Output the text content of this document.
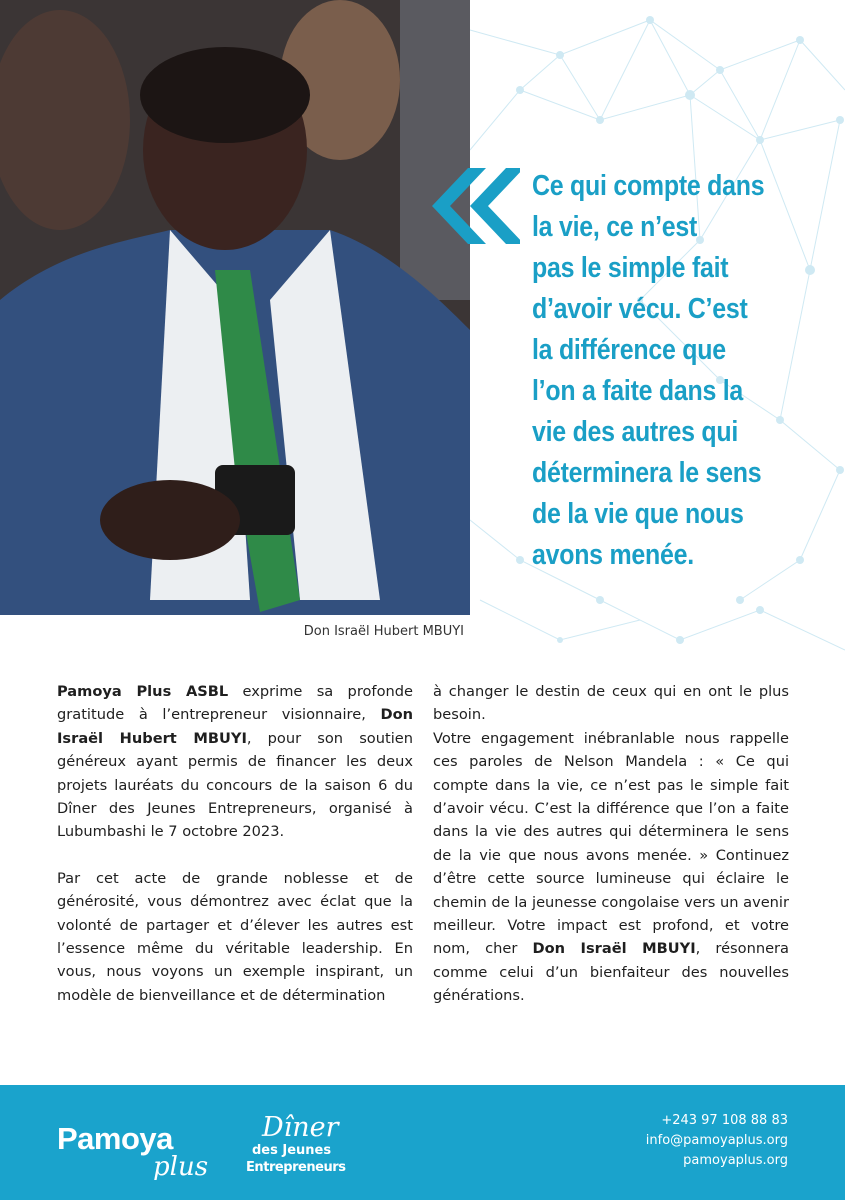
Don Israël Hubert MBUYI
Ce qui compte dans
la vie, ce n’est
pas le simple fait
d’avoir vécu. C’est
la différence que
l’on a faite dans la
vie des autres qui
déterminera le sens
de la vie que nous
avons menée.

Pamoya Plus ASBL exprime sa profonde gratitude à l’entrepreneur visionnaire, Don Israël Hubert MBUYI, pour son soutien généreux ayant permis de financer les deux projets lauréats du concours de la saison 6 du Dîner des Jeunes Entrepreneurs, organisé à Lubumbashi le 7 octobre 2023.

Par cet acte de grande noblesse et de générosité, vous démontrez avec éclat que la volonté de partager et d’élever les autres est l’essence même du véritable leadership. En vous, nous voyons un exemple inspirant, un modèle de bienveillance et de détermination

à changer le destin de ceux qui en ont le plus besoin.

Votre engagement inébranlable nous rappelle ces paroles de Nelson Mandela : « Ce qui compte dans la vie, ce n’est pas le simple fait d’avoir vécu. C’est la différence que l’on a faite dans la vie des autres qui déterminera le sens de la vie que nous avons menée. » Continuez d’être cette source lumineuse qui éclaire le chemin de la jeunesse congolaise vers un avenir meilleur. Votre impact est profond, et votre nom, cher Don Israël MBUYI, résonnera comme celui d’un bienfaiteur des nouvelles générations.

Pamoya
plus
Dîner
des Jeunes
Entrepreneurs
+243 97 108 88 83
info@pamoyaplus.org
pamoyaplus.org
